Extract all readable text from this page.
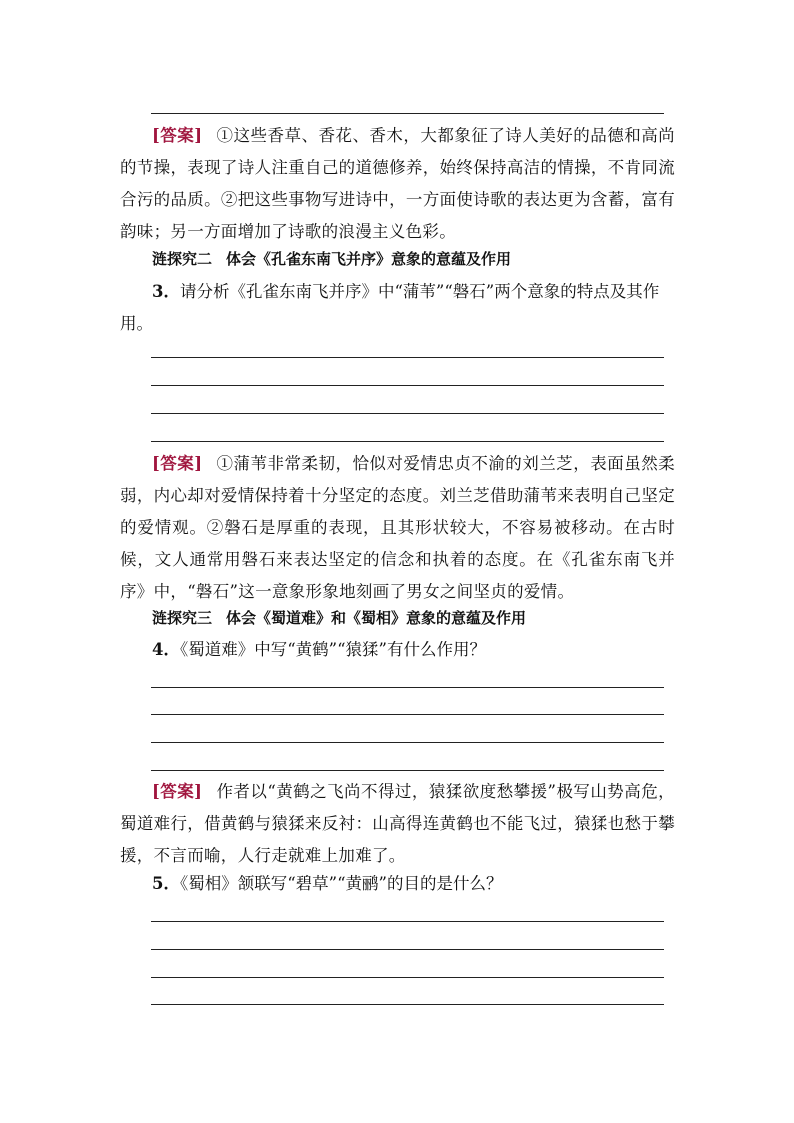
[答案] ①这些香草、香花、香木，大都象征了诗人美好的品德和高尚的节操，表现了诗人注重自己的道德修养，始终保持高洁的情操，不肯同流合污的品质。②把这些事物写进诗中，一方面使诗歌的表达更为含蓄，富有韵味；另一方面增加了诗歌的浪漫主义色彩。
涟探究二 体会《孔雀东南飞并序》意象的意蕴及作用
3．请分析《孔雀东南飞并序》中“蒲苇”“磐石”两个意象的特点及其作用。
[答案] ①蒲苇非常柔韧，恰似对爱情忠贞不渝的刘兰芝，表面虽然柔弱，内心却对爱情保持着十分坚定的态度。刘兰芝借助蒲苇来表明自己坚定的爱情观。②磐石是厚重的表现，且其形状较大，不容易被移动。在古时候，文人通常用磐石来表达坚定的信念和执着的态度。在《孔雀东南飞并序》中，“磐石”这一意象形象地刻画了男女之间坚贞的爱情。
涟探究三 体会《蜀道难》和《蜀相》意象的意蕴及作用
4．《蜀道难》中写“黄鹤”“猿猱”有什么作用？
[答案] 作者以“黄鹤之飞尚不得过，猿猱欲度愁攀援”极写山势高危，蜀道难行，借黄鹤与猿猱来反衬：山高得连黄鹤也不能飞过，猿猱也愁于攀援，不言而喻，人行走就难上加难了。
5．《蜀相》颔联写“碧草”“黄鹂”的目的是什么？
